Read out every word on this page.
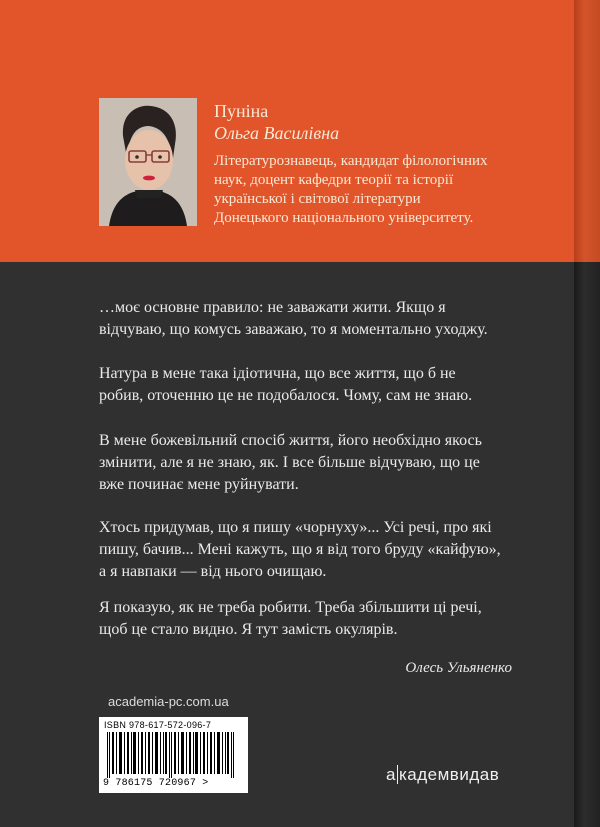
Пуніна
Ольга Василівна
Літературознавець, кандидат філологічних
наук, доцент кафедри теорії та історії
української і світової літератури
Донецького національного університету.
…моє основне правило: не заважати жити. Якщо я
відчуваю, що комусь заважаю, то я моментально уходжу.
Натура в мене така ідіотична, що все життя, що б не
робив, оточенню це не подобалося. Чому, сам не знаю.
В мене божевільний спосіб життя, його необхідно якось
змінити, але я не знаю, як. І все більше відчуваю, що це
вже починає мене руйнувати.
Хтось придумав, що я пишу «чорнуху»... Усі речі, про які
пишу, бачив... Мені кажуть, що я від того бруду «кайфую»,
а я навпаки — від нього очищаю.
Я показую, як не треба робити. Треба збільшити ці речі,
щоб це стало видно. Я тут замість окулярів.
Олесь Ульяненко
academia-pc.com.ua
ISBN 978-617-572-096-7
9 786175 720967 >	а кадемвидав
